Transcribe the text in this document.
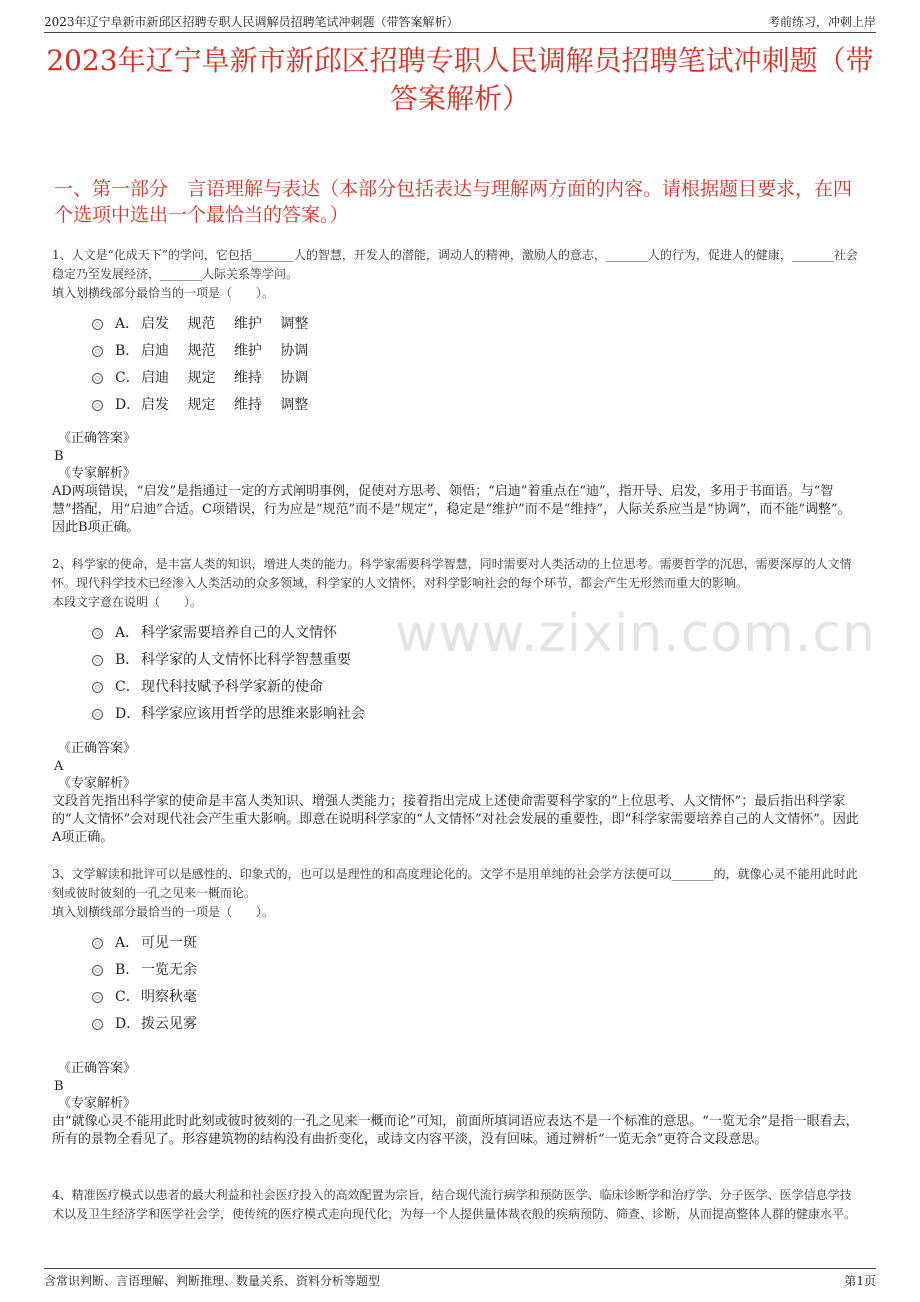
2023年辽宁阜新市新邱区招聘专职人民调解员招聘笔试冲刺题（带答案解析）	考前练习，冲刺上岸
2023年辽宁阜新市新邱区招聘专职人民调解员招聘笔试冲刺题（带答案解析）
一、第一部分　言语理解与表达（本部分包括表达与理解两方面的内容。请根据题目要求，在四个选项中选出一个最恰当的答案。）
www.zixin.com.cn

1、人文是“化成天下”的学问，它包括_______人的智慧，开发人的潜能，调动人的精神，激励人的意志，_______人的行为，促进人的健康，_______社会稳定乃至发展经济，_______人际关系等学问。

填入划横线部分最恰当的一项是（　　）。

A． 启发　 规范　 维护　 调整
B． 启迪　 规范　 维护　 协调
C． 启迪　 规定　 维持　 协调
D． 启发　 规定　 维持　 调整

《正确答案》

B

《专家解析》

AD两项错误，“启发”是指通过一定的方式阐明事例，促使对方思考、领悟；“启迪”着重点在“迪”，指开导、启发，多用于书面语。与“智慧”搭配，用“启迪”合适。C项错误，行为应是“规范”而不是“规定”，稳定是“维护”而不是“维持”，人际关系应当是“协调”，而不能“调整”。因此B项正确。

2、科学家的使命，是丰富人类的知识，增进人类的能力。科学家需要科学智慧，同时需要对人类活动的上位思考。需要哲学的沉思，需要深厚的人文情怀。现代科学技术已经渗入人类活动的众多领域，科学家的人文情怀，对科学影响社会的每个环节，都会产生无形然而重大的影响。

本段文字意在说明（　　）。

A． 科学家需要培养自己的人文情怀
B． 科学家的人文情怀比科学智慧重要
C． 现代科技赋予科学家新的使命
D． 科学家应该用哲学的思维来影响社会

《正确答案》

A

《专家解析》

文段首先指出科学家的使命是丰富人类知识、增强人类能力；接着指出完成上述使命需要科学家的“上位思考、人文情怀”；最后指出科学家的“人文情怀”会对现代社会产生重大影响。即意在说明科学家的“人文情怀”对社会发展的重要性，即“科学家需要培养自己的人文情怀”。因此A项正确。

3、文学解读和批评可以是感性的、印象式的，也可以是理性的和高度理论化的。文学不是用单纯的社会学方法便可以_______的，就像心灵不能用此时此刻或彼时彼刻的一孔之见来一概而论。

填入划横线部分最恰当的一项是（　　）。

A． 可见一斑
B． 一览无余
C． 明察秋毫
D． 拨云见雾

《正确答案》

B

《专家解析》

由“就像心灵不能用此时此刻或彼时彼刻的一孔之见来一概而论”可知，前面所填词语应表达不是一个标准的意思。“一览无余”是指一眼看去，所有的景物全看见了。形容建筑物的结构没有曲折变化，或诗文内容平淡，没有回味。通过辨析“一览无余”更符合文段意思。

4、精准医疗模式以患者的最大利益和社会医疗投入的高效配置为宗旨，结合现代流行病学和预防医学、临床诊断学和治疗学、分子医学、医学信息学技术以及卫生经济学和医学社会学，使传统的医疗模式走向现代化，为每一个人提供量体裁衣般的疾病预防、筛查、诊断，从而提高整体人群的健康水平。

含常识判断、言语理解、判断推理、数量关系、资料分析等题型	第1页
